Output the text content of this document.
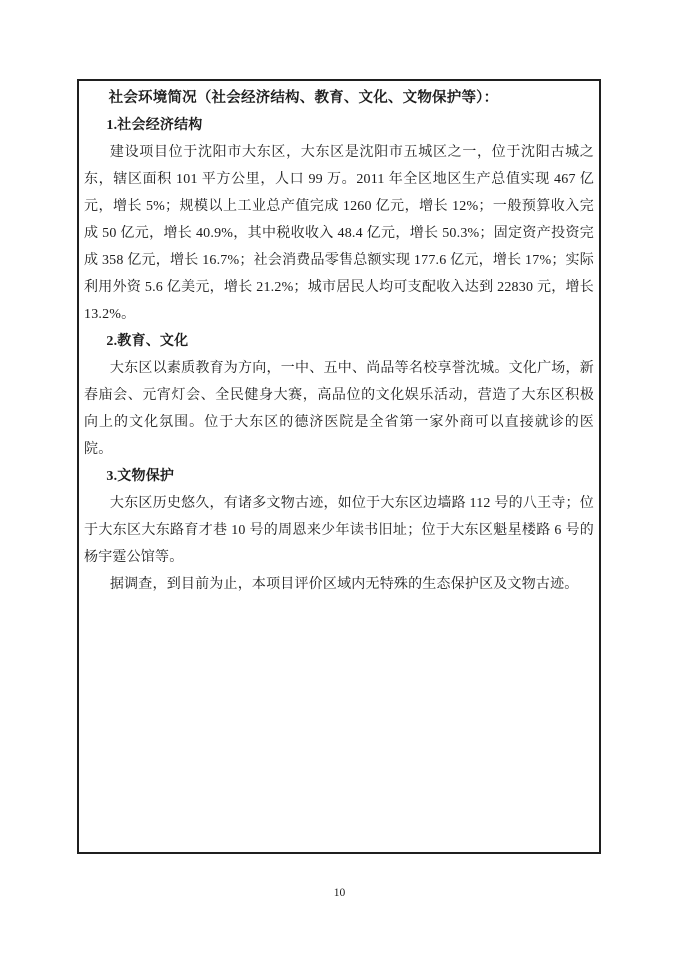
社会环境简况（社会经济结构、教育、文化、文物保护等）：

1.社会经济结构

建设项目位于沈阳市大东区，大东区是沈阳市五城区之一，位于沈阳古城之东，辖区面积 101 平方公里，人口 99 万。2011 年全区地区生产总值实现 467 亿元，增长 5%；规模以上工业总产值完成 1260 亿元，增长 12%；一般预算收入完成 50 亿元，增长 40.9%，其中税收收入 48.4 亿元，增长 50.3%；固定资产投资完成 358 亿元，增长 16.7%；社会消费品零售总额实现 177.6 亿元，增长 17%；实际利用外资 5.6 亿美元，增长 21.2%；城市居民人均可支配收入达到 22830 元，增长 13.2%。

2.教育、文化

大东区以素质教育为方向，一中、五中、尚品等名校享誉沈城。文化广场，新春庙会、元宵灯会、全民健身大赛，高品位的文化娱乐活动，营造了大东区积极向上的文化氛围。位于大东区的德济医院是全省第一家外商可以直接就诊的医院。

3.文物保护

大东区历史悠久，有诸多文物古迹，如位于大东区边墙路 112 号的八王寺；位于大东区大东路育才巷 10 号的周恩来少年读书旧址；位于大东区魁星楼路 6 号的杨宇霆公馆等。

据调查，到目前为止，本项目评价区域内无特殊的生态保护区及文物古迹。

10
